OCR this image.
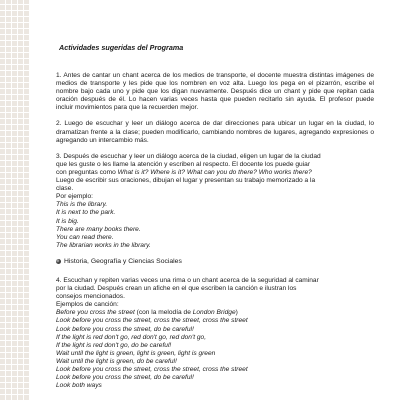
Actividades sugeridas del Programa

1. Antes de cantar un chant acerca de los medios de transporte, el docente muestra distintas imágenes de medios de transporte y les pide que los nombren en voz alta. Luego los pega en el pizarrón, escribe el nombre bajo cada uno y pide que los digan nuevamente. Después dice un chant y pide que repitan cada oración después de él. Lo hacen varias veces hasta que pueden recitarlo sin ayuda. El profesor puede incluir movimientos para que la recuerden mejor.

2. Luego de escuchar y leer un diálogo acerca de dar direcciones para ubicar un lugar en la ciudad, lo dramatizan frente a la clase; pueden modificarlo, cambiando nombres de lugares, agregando expresiones o agregando un intercambio más.

3. Después de escuchar y leer un diálogo acerca de la ciudad, eligen un lugar de la ciudad
que les guste o les llame la atención y escriben al respecto. El docente los puede guiar
con preguntas como What is it? Where is it? What can you do there? Who works there?
Luego de escribir sus oraciones, dibujan el lugar y presentan su trabajo memorizado a la
clase.
Por ejemplo:
This is the library.
It is next to the park.
It is big.
There are many books there.
You can read there.
The librarian works in the library.
Historia, Geografía y Ciencias Sociales
4. Escuchan y repiten varias veces una rima o un chant acerca de la seguridad al caminar
por la ciudad. Después crean un afiche en el que escriben la canción e ilustran los
consejos mencionados.
Ejemplos de canción:
Before you cross the street (con la melodía de London Bridge)
Look before you cross the street, cross the street, cross the street
Look before you cross the street, do be careful!
If the light is red don't go, red don't go, red don't go,
If the light is red don't go, do be careful!
Wait until the light is green, light is green, light is green
Wait until the light is green, do be careful!
Look before you cross the street, cross the street, cross the street
Look before you cross the street, do be careful!
Look both ways
